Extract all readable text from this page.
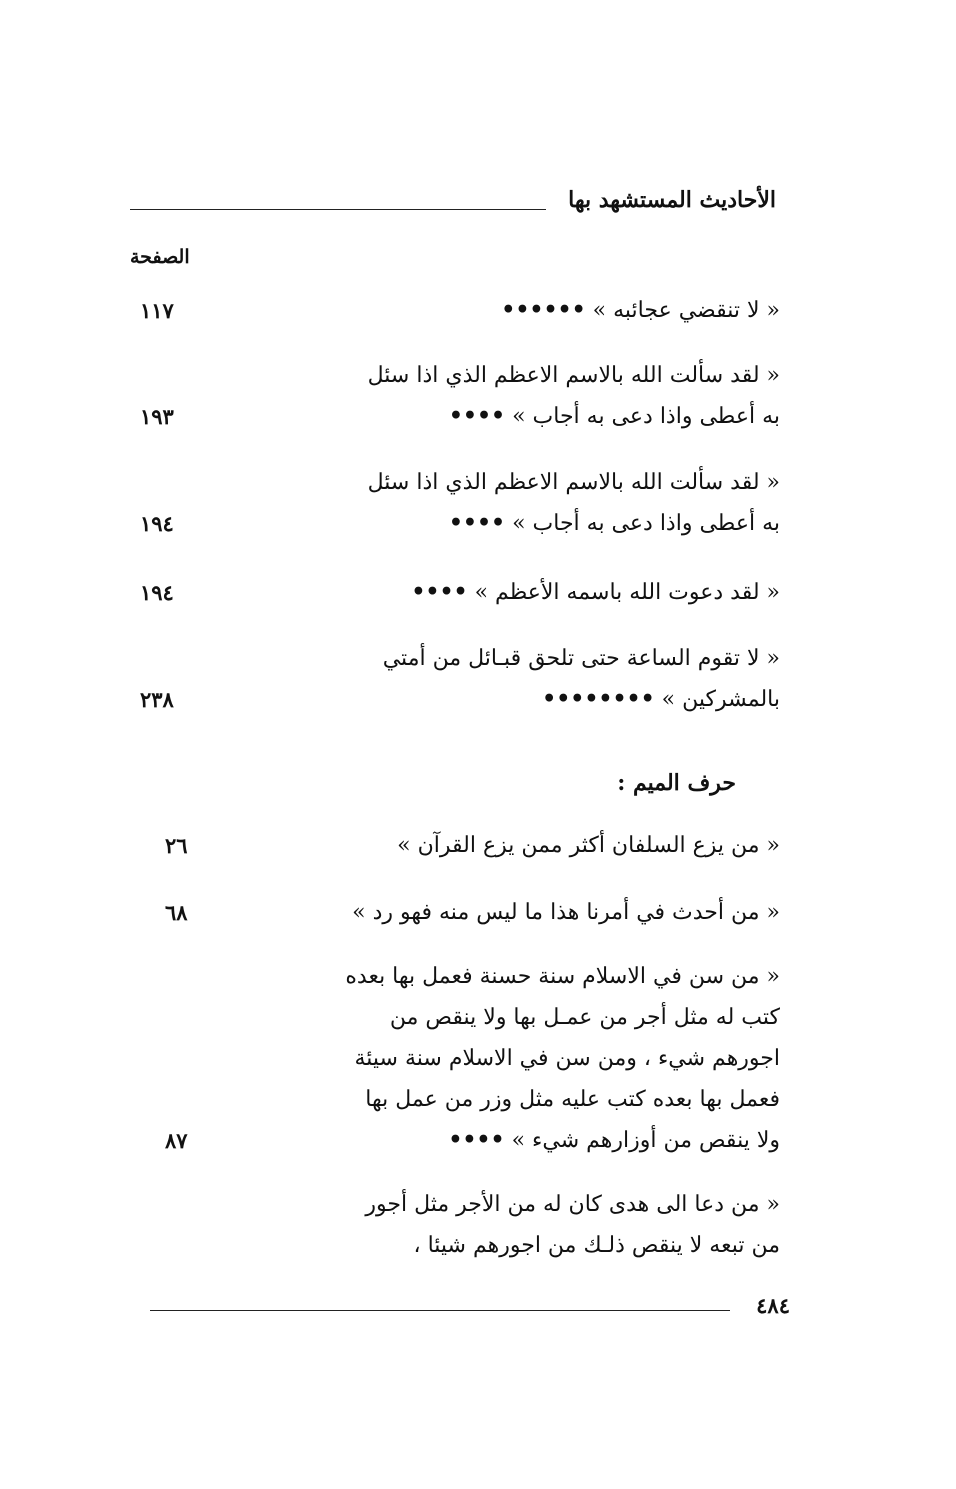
الأحاديث المستشهد بها
الصفحة
« لا تنقضي عجائبه » ••••••
١١٧
« لقد سألت الله بالاسم الاعظم الذي اذا سئل
به أعطى واذا دعى به أجاب » ••••
١٩٣
« لقد سألت الله بالاسم الاعظم الذي اذا سئل
به أعطى واذا دعى به أجاب » ••••
١٩٤
« لقد دعوت الله باسمه الأعظم » ••••
١٩٤
« لا تقوم الساعة حتى تلحق قبـائل من أمتي
بالمشركين » ••••••••
٢٣٨
حرف الميم :
« من يزع السلفان أكثر ممن يزع القرآن »
٢٦
« من أحدث في أمرنا هذا ما ليس منه فهو رد »
٦٨
« من سن في الاسلام سنة حسنة فعمل بها بعده
كتب له مثل أجر من عمـل بها ولا ينقص من
اجورهم شيء ، ومن سن في الاسلام سنة سيئة
فعمل بها بعده كتب عليه مثل وزر من عمل بها
ولا ينقص من أوزارهم شيء » ••••
٨٧
« من دعا الى هدى كان له من الأجر مثل أجور
من تبعه لا ينقص ذلـك من اجورهم شيئا ،
٤٨٤
